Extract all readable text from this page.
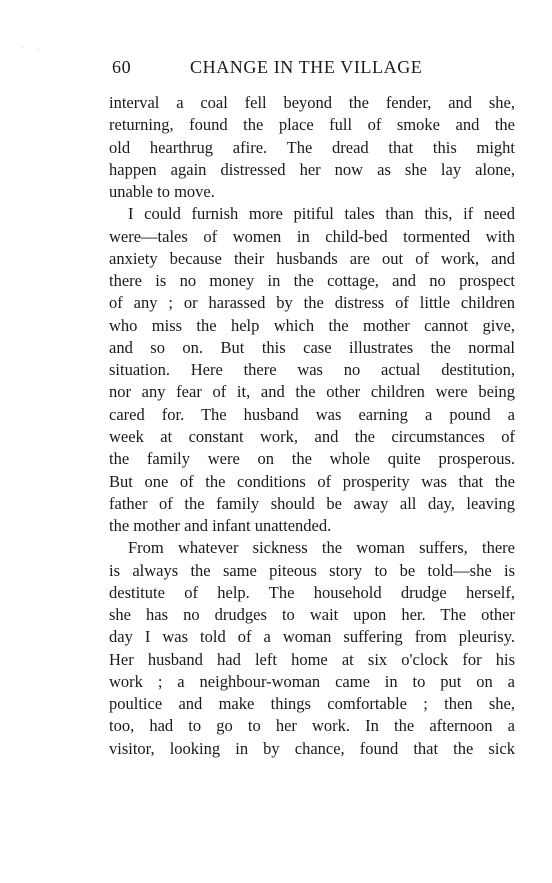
60	CHANGE IN THE VILLAGE
interval a coal fell beyond the fender, and she,
returning, found the place full of smoke and the
old hearthrug afire. The dread that this might
happen again distressed her now as she lay alone,
unable to move.
I could furnish more pitiful tales than this, if need
were—tales of women in child-bed tormented with
anxiety because their husbands are out of work, and
there is no money in the cottage, and no prospect
of any ; or harassed by the distress of little children
who miss the help which the mother cannot give,
and so on. But this case illustrates the normal
situation. Here there was no actual destitution,
nor any fear of it, and the other children were being
cared for. The husband was earning a pound a
week at constant work, and the circumstances of
the family were on the whole quite prosperous.
But one of the conditions of prosperity was that the
father of the family should be away all day, leaving
the mother and infant unattended.
From whatever sickness the woman suffers, there
is always the same piteous story to be told—she is
destitute of help. The household drudge herself,
she has no drudges to wait upon her. The other
day I was told of a woman suffering from pleurisy.
Her husband had left home at six o'clock for his
work ; a neighbour-woman came in to put on a
poultice and make things comfortable ; then she,
too, had to go to her work. In the afternoon a
visitor, looking in by chance, found that the sick
